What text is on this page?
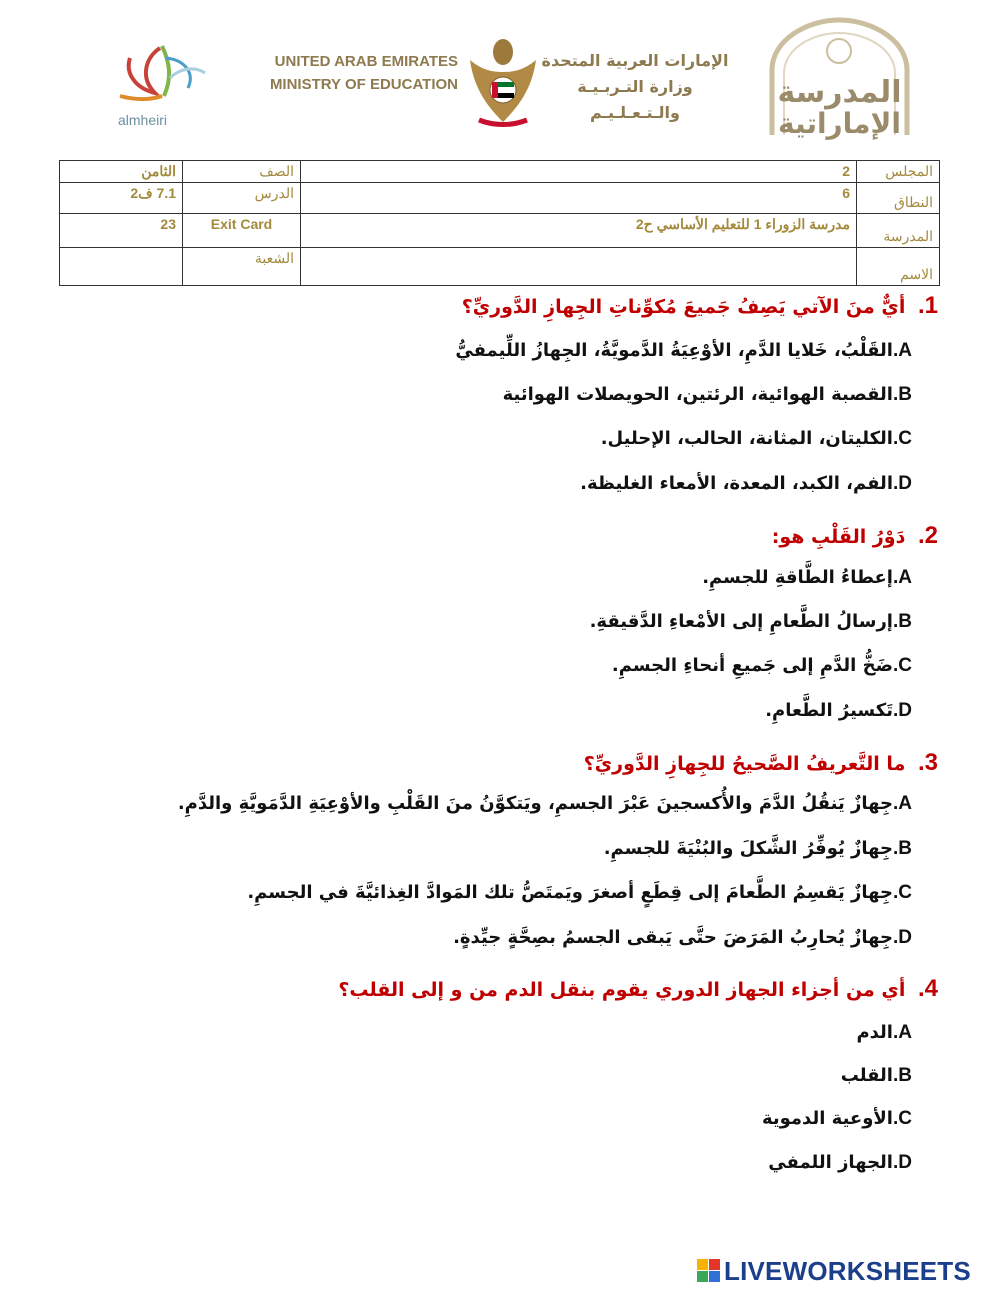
almheiri
UNITED ARAB EMIRATES
MINISTRY OF EDUCATION
الإمارات العربية المتحدة
وزارة التـربـيـة والـتـعـلـيـم
المدرسة
الإماراتية
المجلس	2	الصف	الثامن
النطاق	6	الدرس	7.1 ف2
المدرسة	مدرسة الزوراء 1 للتعليم الأساسي ح2	Exit Card	23
الاسم		الشعبة	
1. أيٌّ منَ الآتي يَصِفُ جَميعَ مُكوِّناتِ الجِهازِ الدَّوريِّ؟
A.القَلْبُ، خَلايا الدَّمِ، الأوْعِيَةُ الدَّمويَّةُ، الجِهازُ اللِّيمفيُّ
B.القصبة الهوائية، الرئتين، الحويصلات الهوائية
C.الكليتان، المثانة، الحالب، الإحليل.
D.الفم، الكبد، المعدة، الأمعاء الغليظة.
2. دَوْرُ القَلْبِ هو:
A.إعطاءُ الطَّاقةِ للجسمِ.
B.إرسالُ الطَّعامِ إلى الأمْعاءِ الدَّقيقةِ.
C.ضَخُّ الدَّمِ إلى جَميعِ أنحاءِ الجسمِ.
D.تَكسيرُ الطَّعامِ.
3. ما التَّعريفُ الصَّحيحُ للجِهازِ الدَّوريِّ؟
A.جِهازٌ يَنقُلُ الدَّمَ والأُكسجينَ عَبْرَ الجسمِ، ويَتكوَّنُ منَ القَلْبِ والأوْعِيَةِ الدَّمَويَّةِ والدَّمِ.
B.جِهازٌ يُوفِّرُ الشَّكلَ والبُنْيَةَ للجسمِ.
C.جِهازٌ يَقسِمُ الطَّعامَ إلى قِطَعٍ أصغرَ ويَمتَصُّ تلك المَوادَّ الغِذائيَّةَ في الجسمِ.
D.جِهازٌ يُحارِبُ المَرَضَ حتَّى يَبقى الجسمُ بصِحَّةٍ جيِّدةٍ.
4. أي من أجزاء الجهاز الدوري يقوم بنقل الدم من و إلى القلب؟
A.الدم
B.القلب
C.الأوعية الدموية
D.الجهاز اللمفي
LIVEWORKSHEETS
